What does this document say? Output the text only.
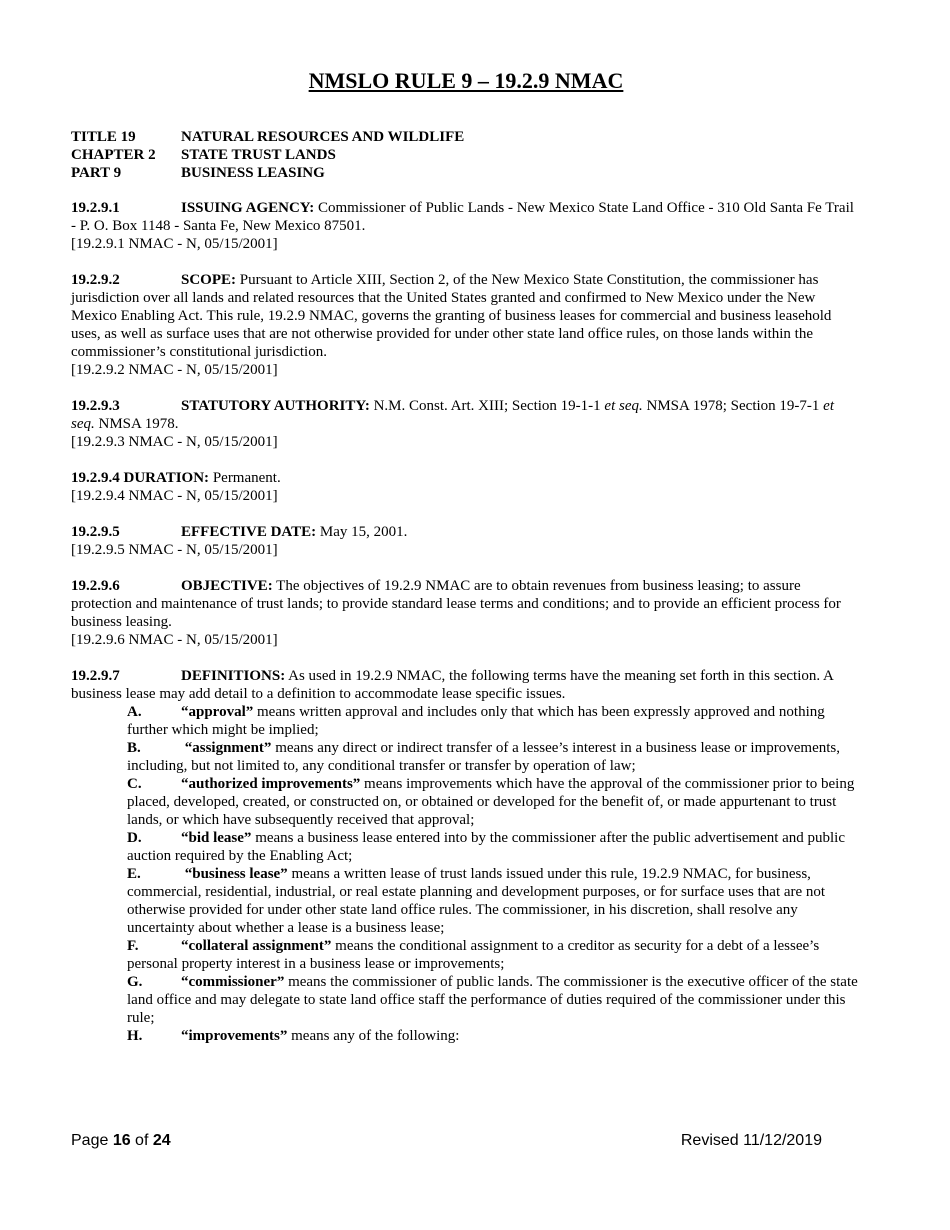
NMSLO RULE 9 – 19.2.9 NMAC
TITLE 19	NATURAL RESOURCES AND WILDLIFE
CHAPTER 2	STATE TRUST LANDS
PART 9	BUSINESS LEASING

19.2.9.1	ISSUING AGENCY: Commissioner of Public Lands - New Mexico State Land Office - 310 Old Santa Fe Trail - P. O. Box 1148 - Santa Fe, New Mexico 87501.

[19.2.9.1 NMAC - N, 05/15/2001]

19.2.9.2	SCOPE: Pursuant to Article XIII, Section 2, of the New Mexico State Constitution, the commissioner has jurisdiction over all lands and related resources that the United States granted and confirmed to New Mexico under the New Mexico Enabling Act. This rule, 19.2.9 NMAC, governs the granting of business leases for commercial and business leasehold uses, as well as surface uses that are not otherwise provided for under other state land office rules, on those lands within the commissioner’s constitutional jurisdiction.

[19.2.9.2 NMAC - N, 05/15/2001]

19.2.9.3	STATUTORY AUTHORITY: N.M. Const. Art. XIII; Section 19-1-1 et seq. NMSA 1978; Section 19-7-1 et seq. NMSA 1978.

[19.2.9.3 NMAC - N, 05/15/2001]

19.2.9.4 DURATION: Permanent.

[19.2.9.4 NMAC - N, 05/15/2001]

19.2.9.5	EFFECTIVE DATE: May 15, 2001.

[19.2.9.5 NMAC - N, 05/15/2001]

19.2.9.6	OBJECTIVE: The objectives of 19.2.9 NMAC are to obtain revenues from business leasing; to assure protection and maintenance of trust lands; to provide standard lease terms and conditions; and to provide an efficient process for business leasing.

[19.2.9.6 NMAC - N, 05/15/2001]

19.2.9.7	DEFINITIONS: As used in 19.2.9 NMAC, the following terms have the meaning set forth in this section. A business lease may add detail to a definition to accommodate lease specific issues.

A.	“approval” means written approval and includes only that which has been expressly approved and nothing further which might be implied;

B.	“assignment” means any direct or indirect transfer of a lessee’s interest in a business lease or improvements, including, but not limited to, any conditional transfer or transfer by operation of law;

C.	“authorized improvements” means improvements which have the approval of the commissioner prior to being placed, developed, created, or constructed on, or obtained or developed for the benefit of, or made appurtenant to trust lands, or which have subsequently received that approval;

D.	“bid lease” means a business lease entered into by the commissioner after the public advertisement and public auction required by the Enabling Act;

E.	“business lease” means a written lease of trust lands issued under this rule, 19.2.9 NMAC, for business, commercial, residential, industrial, or real estate planning and development purposes, or for surface uses that are not otherwise provided for under other state land office rules. The commissioner, in his discretion, shall resolve any uncertainty about whether a lease is a business lease;

F.	“collateral assignment” means the conditional assignment to a creditor as security for a debt of a lessee’s personal property interest in a business lease or improvements;

G.	“commissioner” means the commissioner of public lands. The commissioner is the executive officer of the state land office and may delegate to state land office staff the performance of duties required of the commissioner under this rule;

H.	“improvements” means any of the following:

Page 16 of 24	Revised 11/12/2019
